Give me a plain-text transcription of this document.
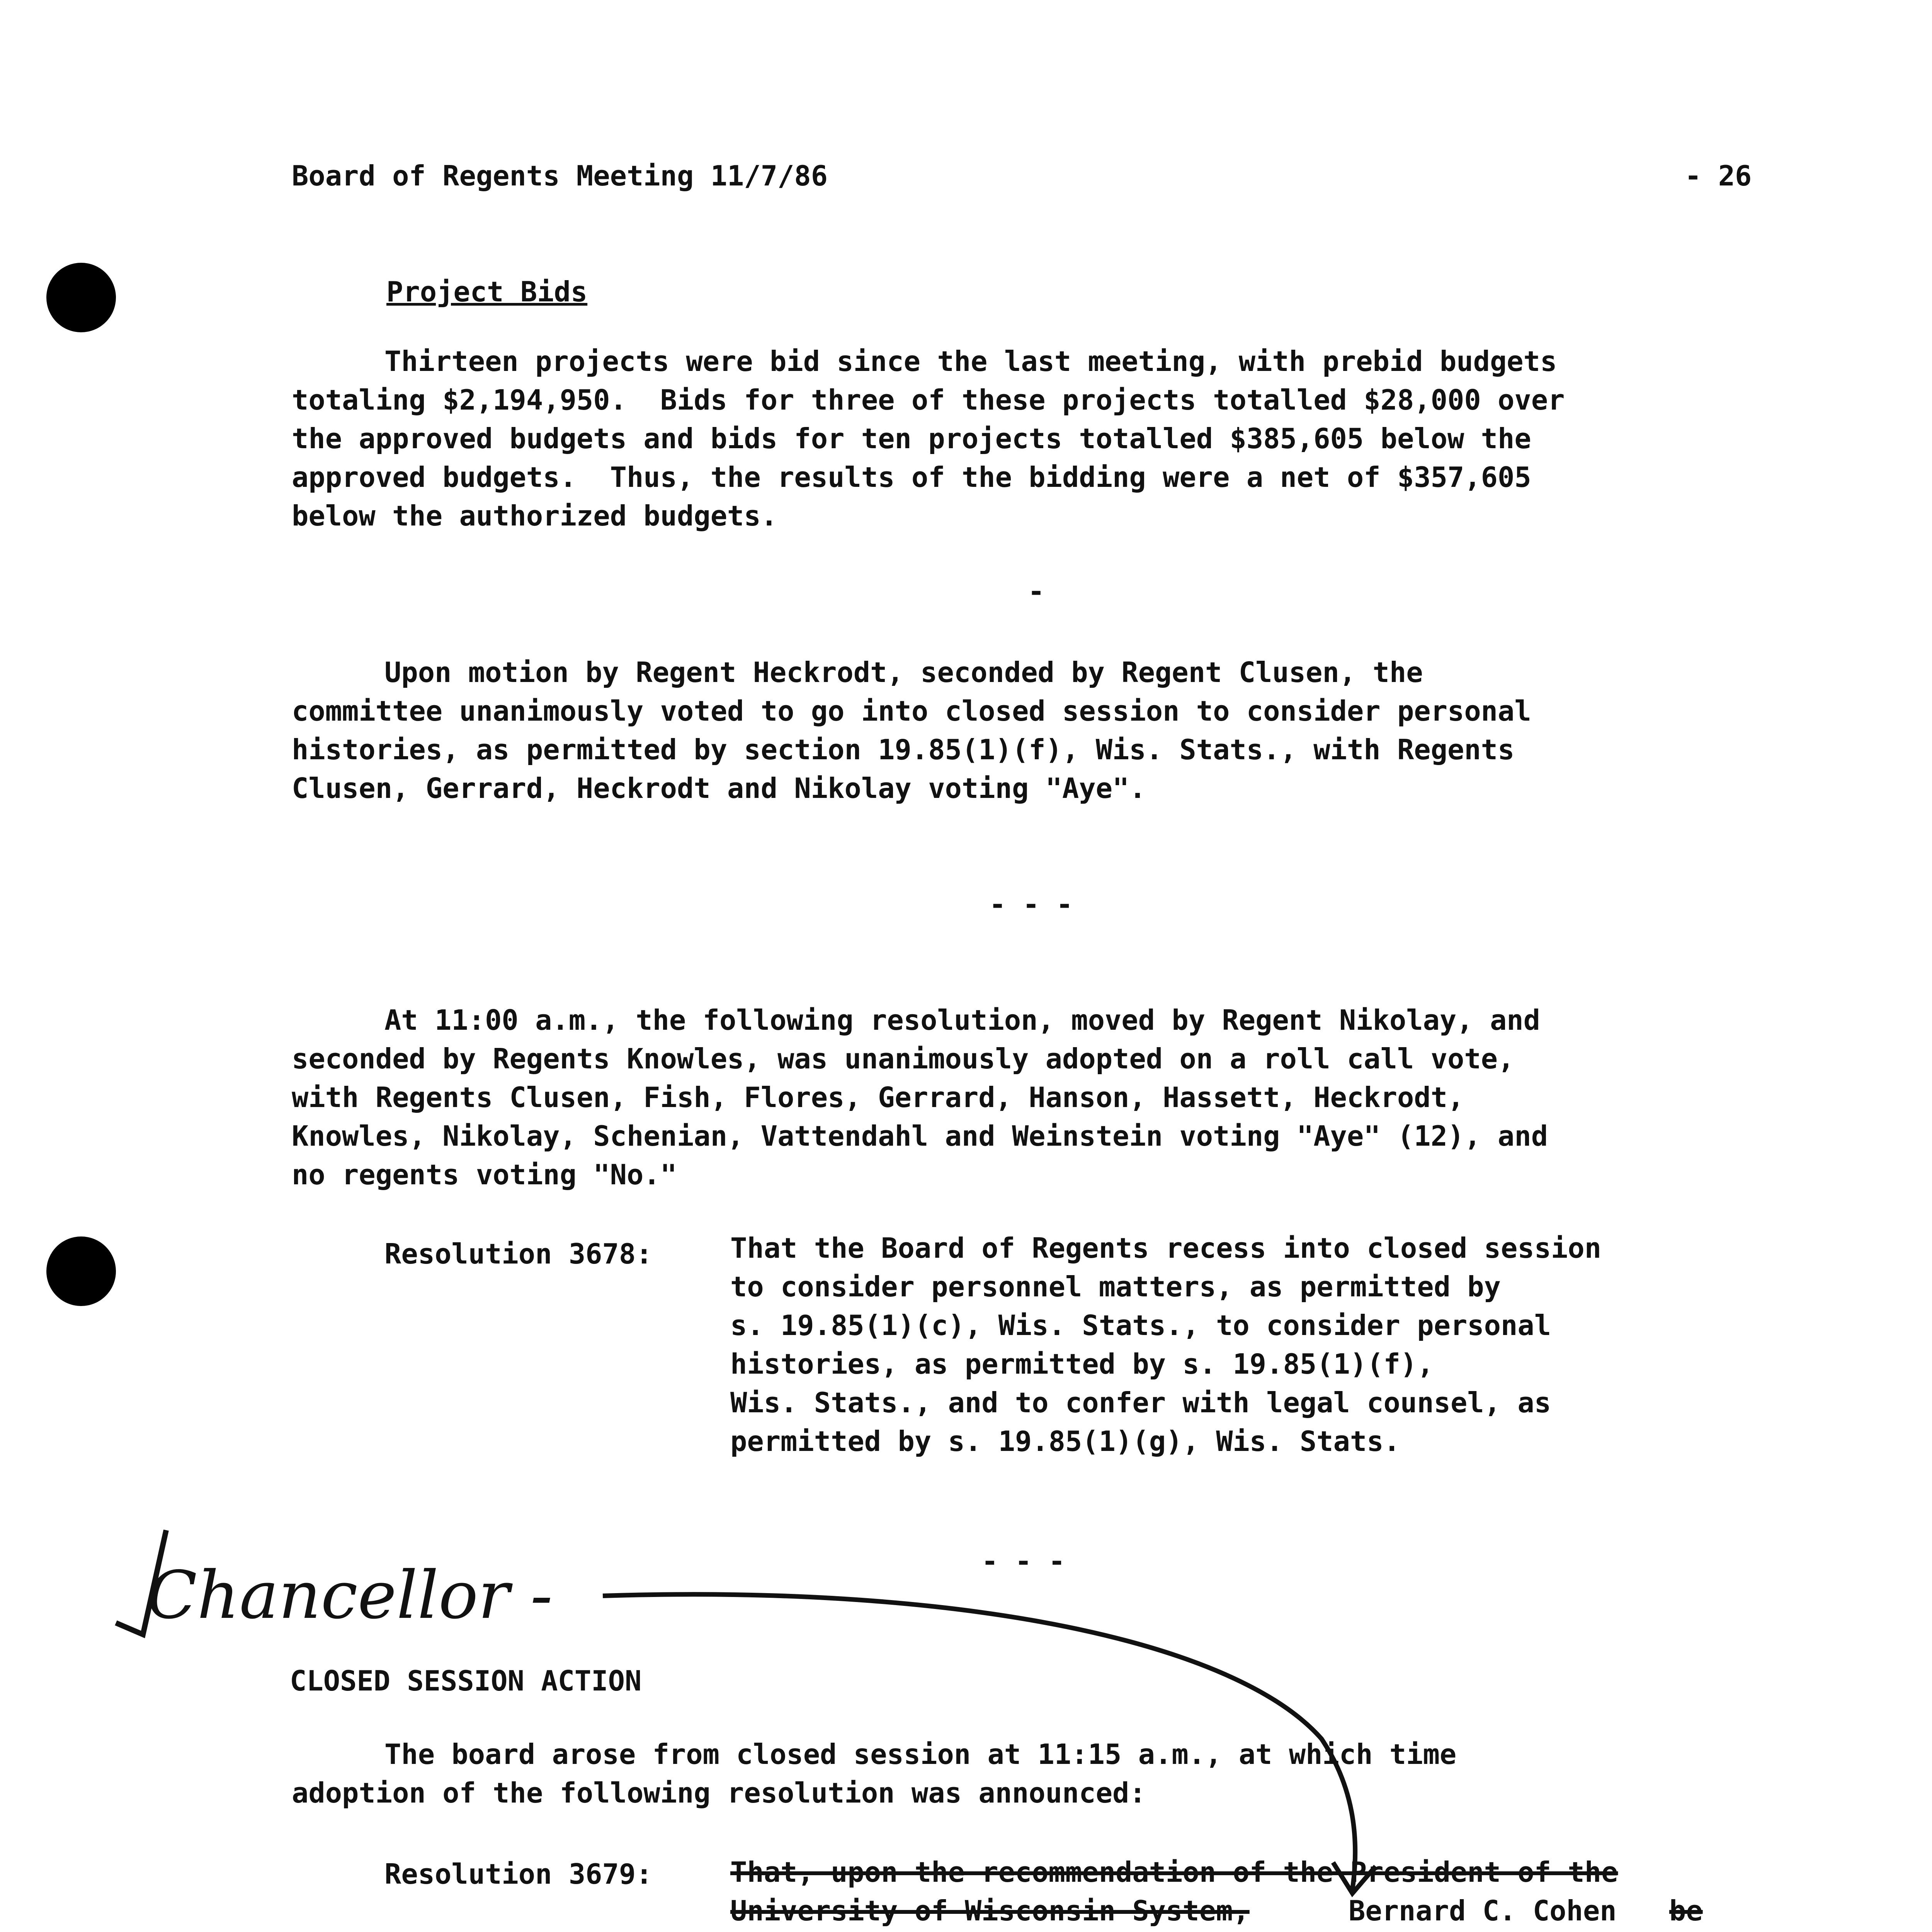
Board of Regents Meeting 11/7/86	- 26
Project Bids
Thirteen projects were bid since the last meeting, with prebid budgets
totaling $2,194,950.  Bids for three of these projects totalled $28,000 over
the approved budgets and bids for ten projects totalled $385,605 below the
approved budgets.  Thus, the results of the bidding were a net of $357,605
below the authorized budgets.
-
Upon motion by Regent Heckrodt, seconded by Regent Clusen, the
committee unanimously voted to go into closed session to consider personal
histories, as permitted by section 19.85(1)(f), Wis. Stats., with Regents
Clusen, Gerrard, Heckrodt and Nikolay voting "Aye".
- - -
At 11:00 a.m., the following resolution, moved by Regent Nikolay, and
seconded by Regents Knowles, was unanimously adopted on a roll call vote,
with Regents Clusen, Fish, Flores, Gerrard, Hanson, Hassett, Heckrodt,
Knowles, Nikolay, Schenian, Vattendahl and Weinstein voting "Aye" (12), and
no regents voting "No."
Resolution 3678:	That the Board of Regents recess into closed session
to consider personnel matters, as permitted by
s. 19.85(1)(c), Wis. Stats., to consider personal
histories, as permitted by s. 19.85(1)(f),
Wis. Stats., and to confer with legal counsel, as
permitted by s. 19.85(1)(g), Wis. Stats.
- - -
CLOSED SESSION ACTION
The board arose from closed session at 11:15 a.m., at which time
adoption of the following resolution was announced:
Resolution 3679:	That, upon the recommendation of the President of the
University of Wisconsin System,	Bernard C. Cohen be
Chancellor -
